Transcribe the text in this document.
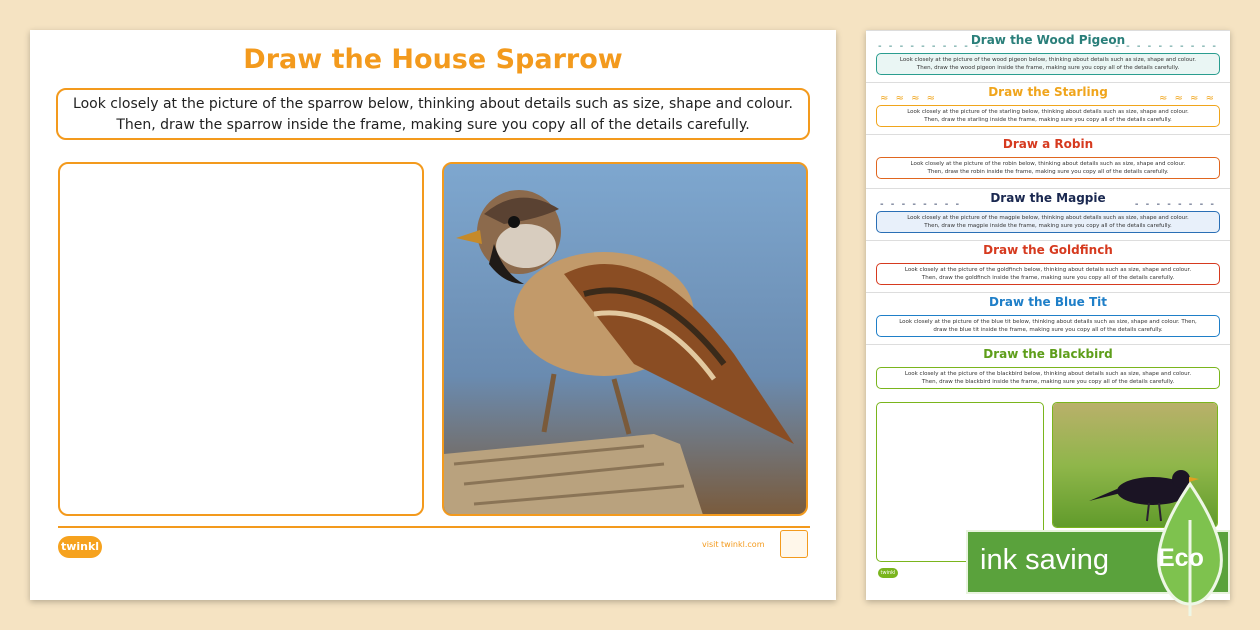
Draw the House Sparrow
Look closely at the picture of the sparrow below, thinking about details such as size, shape and colour.
Then, draw the sparrow inside the frame, making sure you copy all of the details carefully.
twinkl	visit twinkl.com
- - - - - - - - - -	- - - - - - - - - -
Draw the Wood Pigeon
Look closely at the picture of the wood pigeon below, thinking about details such as size, shape and colour.
Then, draw the wood pigeon inside the frame, making sure you copy all of the details carefully.
≈ ≈ ≈ ≈	≈ ≈ ≈ ≈
Draw the Starling
Look closely at the picture of the starling below, thinking about details such as size, shape and colour.
Then, draw the starling inside the frame, making sure you copy all of the details carefully.
Draw a Robin
Look closely at the picture of the robin below, thinking about details such as size, shape and colour.
Then, draw the robin inside the frame, making sure you copy all of the details carefully.
- - - - - - - -	- - - - - - - -
Draw the Magpie
Look closely at the picture of the magpie below, thinking about details such as size, shape and colour.
Then, draw the magpie inside the frame, making sure you copy all of the details carefully.
Draw the Goldfinch
Look closely at the picture of the goldfinch below, thinking about details such as size, shape and colour.
Then, draw the goldfinch inside the frame, making sure you copy all of the details carefully.
Draw the Blue Tit
Look closely at the picture of the blue tit below, thinking about details such as size, shape and colour. Then,
draw the blue tit inside the frame, making sure you copy all of the details carefully.
Draw the Blackbird
Look closely at the picture of the blackbird below, thinking about details such as size, shape and colour.
Then, draw the blackbird inside the frame, making sure you copy all of the details carefully.
twinkl	ink saving Eco
